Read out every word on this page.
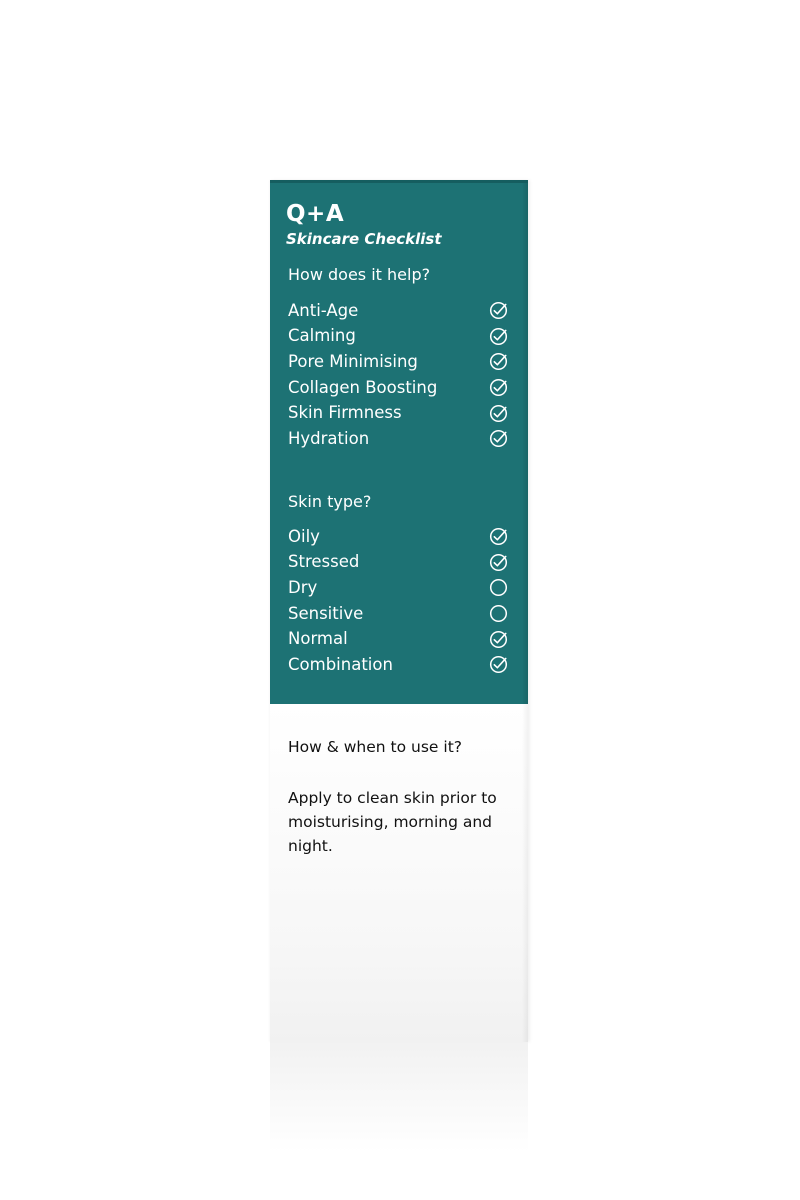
Q+A
Skincare Checklist
How does it help?
Anti-Age
Calming
Pore Minimising
Collagen Boosting
Skin Firmness
Hydration
Skin type?
Oily
Stressed
Dry
Sensitive
Normal
Combination
How & when to use it?
Apply to clean skin prior to moisturising, morning and night.
